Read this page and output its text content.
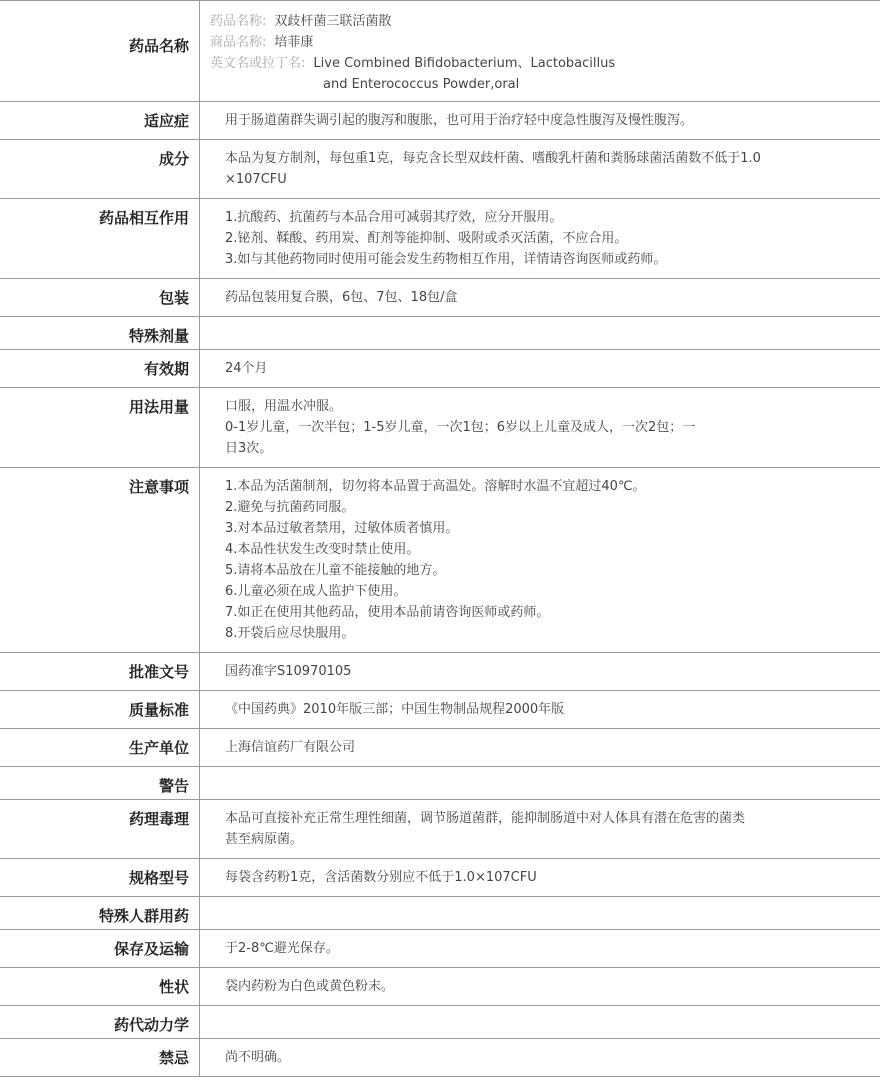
药品名称
药品名称: 双歧杆菌三联活菌散
商品名称: 培菲康
英文名或拉丁名: Live Combined Bifidobacterium、Lactobacillus
and Enterococcus Powder,oral
适应症	用于肠道菌群失调引起的腹泻和腹胀，也可用于治疗轻中度急性腹泻及慢性腹泻。
成分	本品为复方制剂，每包重1克，每克含长型双歧杆菌、嗜酸乳杆菌和粪肠球菌活菌数不低于1.0
×107CFU
药品相互作用	1.抗酸药、抗菌药与本品合用可减弱其疗效，应分开服用。
2.铋剂、鞣酸、药用炭、酊剂等能抑制、吸附或杀灭活菌，不应合用。
3.如与其他药物同时使用可能会发生药物相互作用，详情请咨询医师或药师。
包装	药品包装用复合膜，6包、7包、18包/盒
特殊剂量
有效期	24个月
用法用量	口服，用温水冲服。
0-1岁儿童，一次半包；1-5岁儿童，一次1包；6岁以上儿童及成人，一次2包；一
日3次。
注意事项	1.本品为活菌制剂，切勿将本品置于高温处。溶解时水温不宜超过40℃。
2.避免与抗菌药同服。
3.对本品过敏者禁用，过敏体质者慎用。
4.本品性状发生改变时禁止使用。
5.请将本品放在儿童不能接触的地方。
6.儿童必须在成人监护下使用。
7.如正在使用其他药品，使用本品前请咨询医师或药师。
8.开袋后应尽快服用。
批准文号	国药准字S10970105
质量标准	《中国药典》2010年版三部；中国生物制品规程2000年版
生产单位	上海信谊药厂有限公司
警告
药理毒理	本品可直接补充正常生理性细菌，调节肠道菌群，能抑制肠道中对人体具有潜在危害的菌类
甚至病原菌。
规格型号	每袋含药粉1克，含活菌数分别应不低于1.0×107CFU
特殊人群用药
保存及运输	于2-8℃避光保存。
性状	袋内药粉为白色或黄色粉末。
药代动力学
禁忌	尚不明确。
